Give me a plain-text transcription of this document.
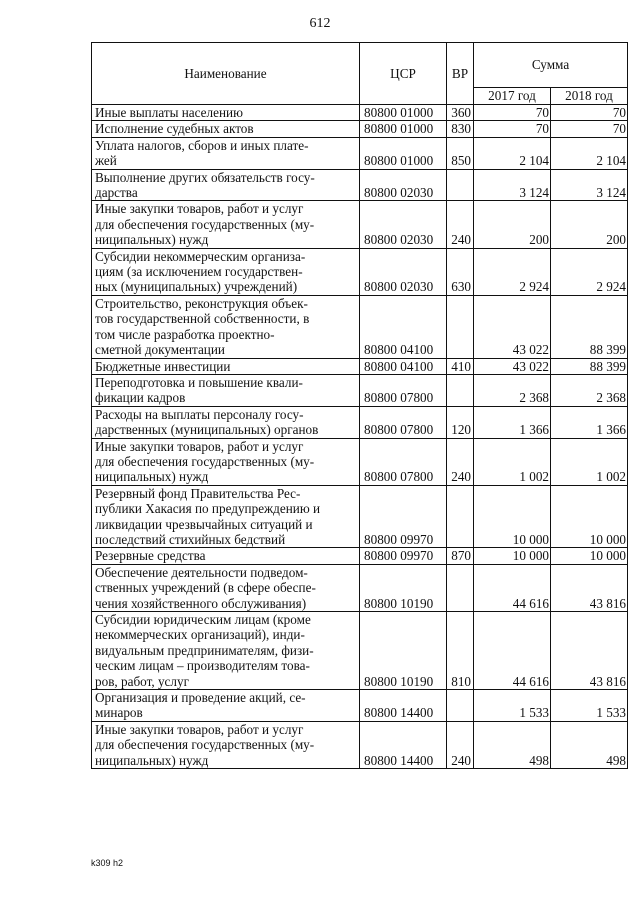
612
Наименование	ЦСР	ВР	Сумма	
			2017 год	2018 год
Иные выплаты населению	80800 01000	360	70	70
Исполнение судебных актов	80800 01000	830	70	70
Уплата налогов, сборов и иных плате-
жей	80800 01000	850	2 104	2 104
Выполнение других обязательств госу-
дарства	80800 02030		3 124	3 124
Иные закупки товаров, работ и услуг
для обеспечения государственных (му-
ниципальных) нужд	80800 02030	240	200	200
Субсидии некоммерческим организа-
циям (за исключением государствен-
ных (муниципальных) учреждений)	80800 02030	630	2 924	2 924
Строительство, реконструкция объек-
тов государственной собственности, в
том числе разработка проектно-
сметной документации	80800 04100		43 022	88 399
Бюджетные инвестиции	80800 04100	410	43 022	88 399
Переподготовка и повышение квали-
фикации кадров	80800 07800		2 368	2 368
Расходы на выплаты персоналу госу-
дарственных (муниципальных) органов	80800 07800	120	1 366	1 366
Иные закупки товаров, работ и услуг
для обеспечения государственных (му-
ниципальных) нужд	80800 07800	240	1 002	1 002
Резервный фонд Правительства Рес-
публики Хакасия по предупреждению и
ликвидации чрезвычайных ситуаций и
последствий стихийных бедствий	80800 09970		10 000	10 000
Резервные средства	80800 09970	870	10 000	10 000
Обеспечение деятельности подведом-
ственных учреждений (в сфере обеспе-
чения хозяйственного обслуживания)	80800 10190		44 616	43 816
Субсидии юридическим лицам (кроме
некоммерческих организаций), инди-
видуальным предпринимателям, физи-
ческим лицам – производителям това-
ров, работ, услуг	80800 10190	810	44 616	43 816
Организация и проведение акций, се-
минаров	80800 14400		1 533	1 533
Иные закупки товаров, работ и услуг
для обеспечения государственных (му-
ниципальных) нужд	80800 14400	240	498	498
k309 h2
